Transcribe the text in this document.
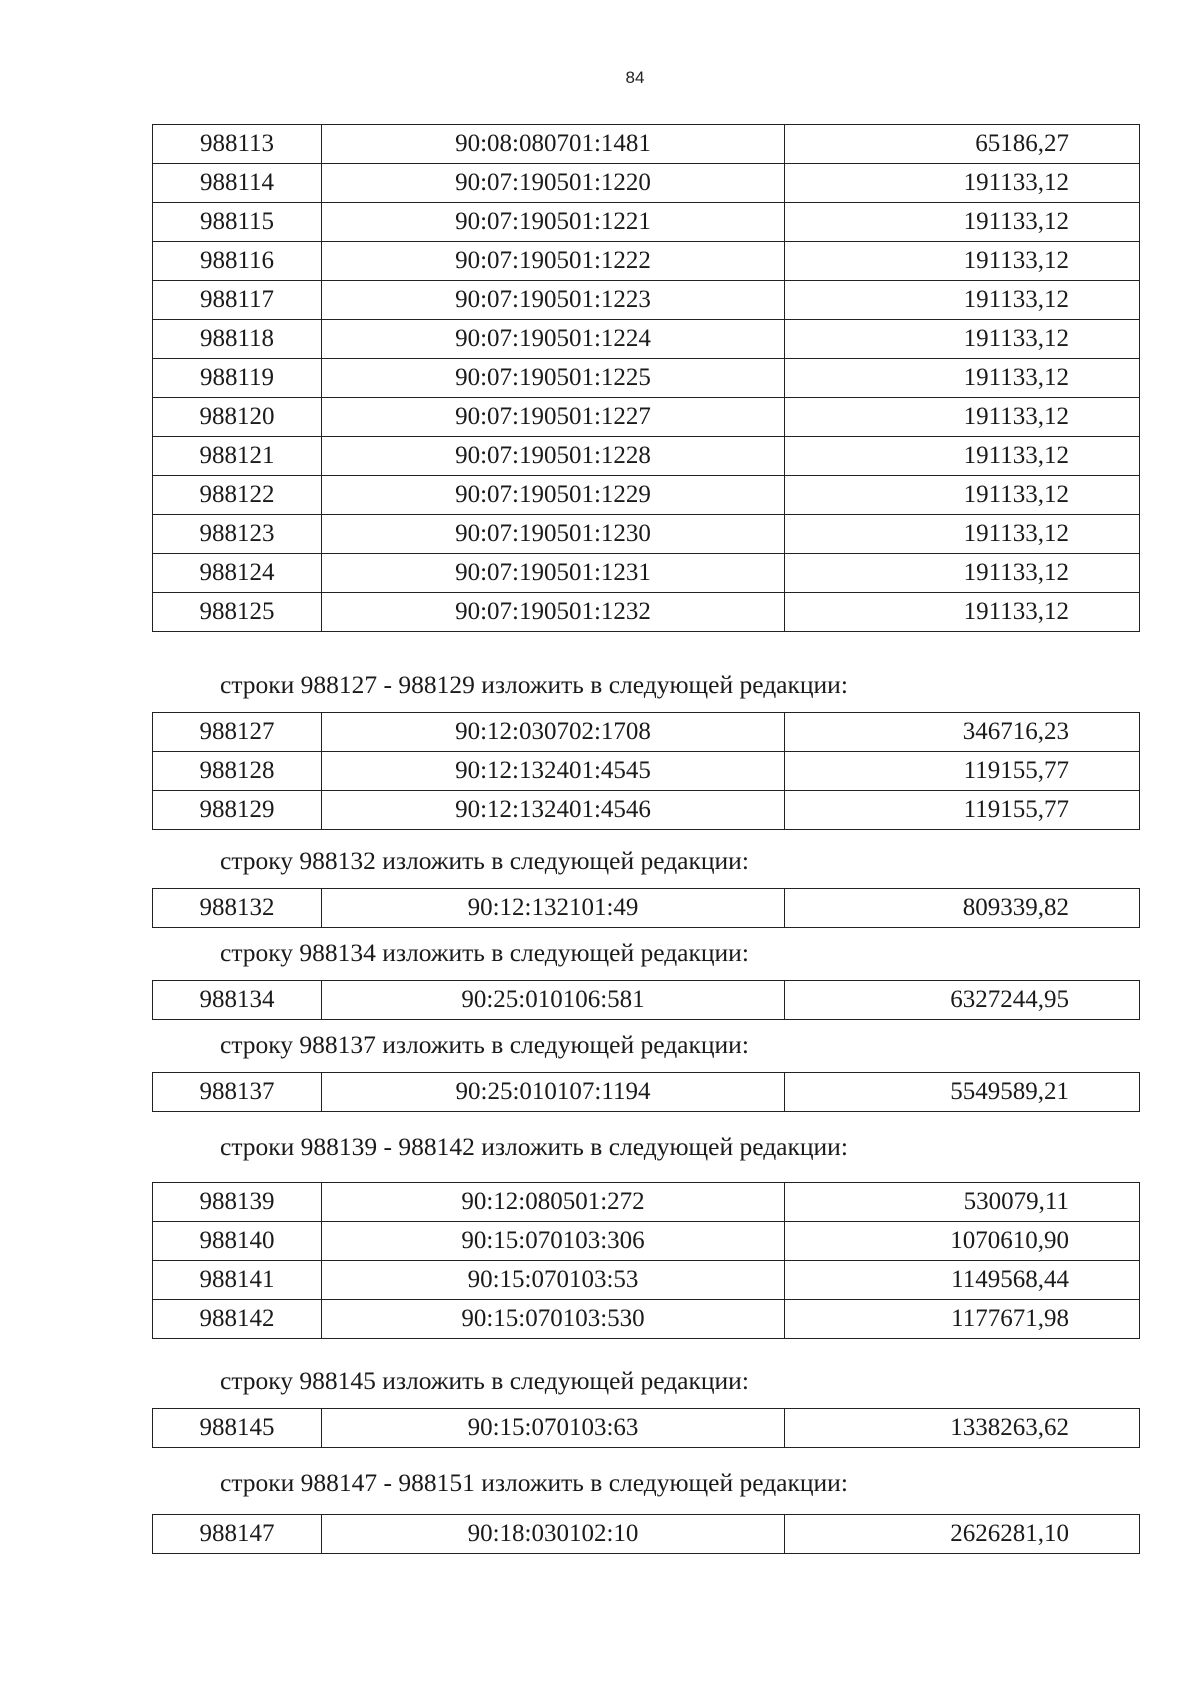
84
988113	90:08:080701:1481	65186,27
988114	90:07:190501:1220	191133,12
988115	90:07:190501:1221	191133,12
988116	90:07:190501:1222	191133,12
988117	90:07:190501:1223	191133,12
988118	90:07:190501:1224	191133,12
988119	90:07:190501:1225	191133,12
988120	90:07:190501:1227	191133,12
988121	90:07:190501:1228	191133,12
988122	90:07:190501:1229	191133,12
988123	90:07:190501:1230	191133,12
988124	90:07:190501:1231	191133,12
988125	90:07:190501:1232	191133,12
строки 988127 - 988129 изложить в следующей редакции:
988127	90:12:030702:1708	346716,23
988128	90:12:132401:4545	119155,77
988129	90:12:132401:4546	119155,77
строку 988132 изложить в следующей редакции:
988132	90:12:132101:49	809339,82
строку 988134 изложить в следующей редакции:
988134	90:25:010106:581	6327244,95
строку 988137 изложить в следующей редакции:
988137	90:25:010107:1194	5549589,21
строки 988139 - 988142 изложить в следующей редакции:
988139	90:12:080501:272	530079,11
988140	90:15:070103:306	1070610,90
988141	90:15:070103:53	1149568,44
988142	90:15:070103:530	1177671,98
строку 988145 изложить в следующей редакции:
988145	90:15:070103:63	1338263,62
строки 988147 - 988151 изложить в следующей редакции:
988147	90:18:030102:10	2626281,10
